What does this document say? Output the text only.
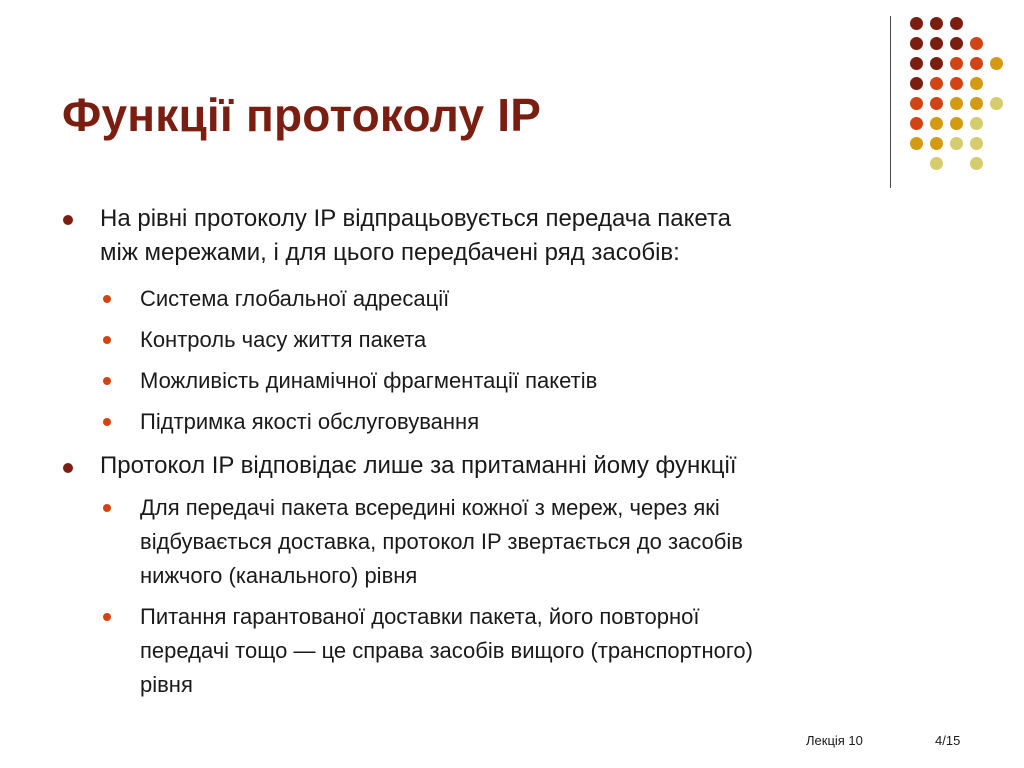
Функції протоколу IP
На рівні протоколу IP відпрацьовується передача пакета
між мережами, і для цього передбачені ряд засобів:
Система глобальної адресації
Контроль часу життя пакета
Можливість динамічної фрагментації пакетів
Підтримка якості обслуговування
Протокол IP відповідає лише за притаманні йому функції
Для передачі пакета всередині кожної з мереж, через які
відбувається доставка, протокол IP звертається до засобів
нижчого (канального) рівня
Питання гарантованої доставки пакета, його повторної
передачі тощо — це справа засобів вищого (транспортного)
рівня
Лекція 10	4/15
